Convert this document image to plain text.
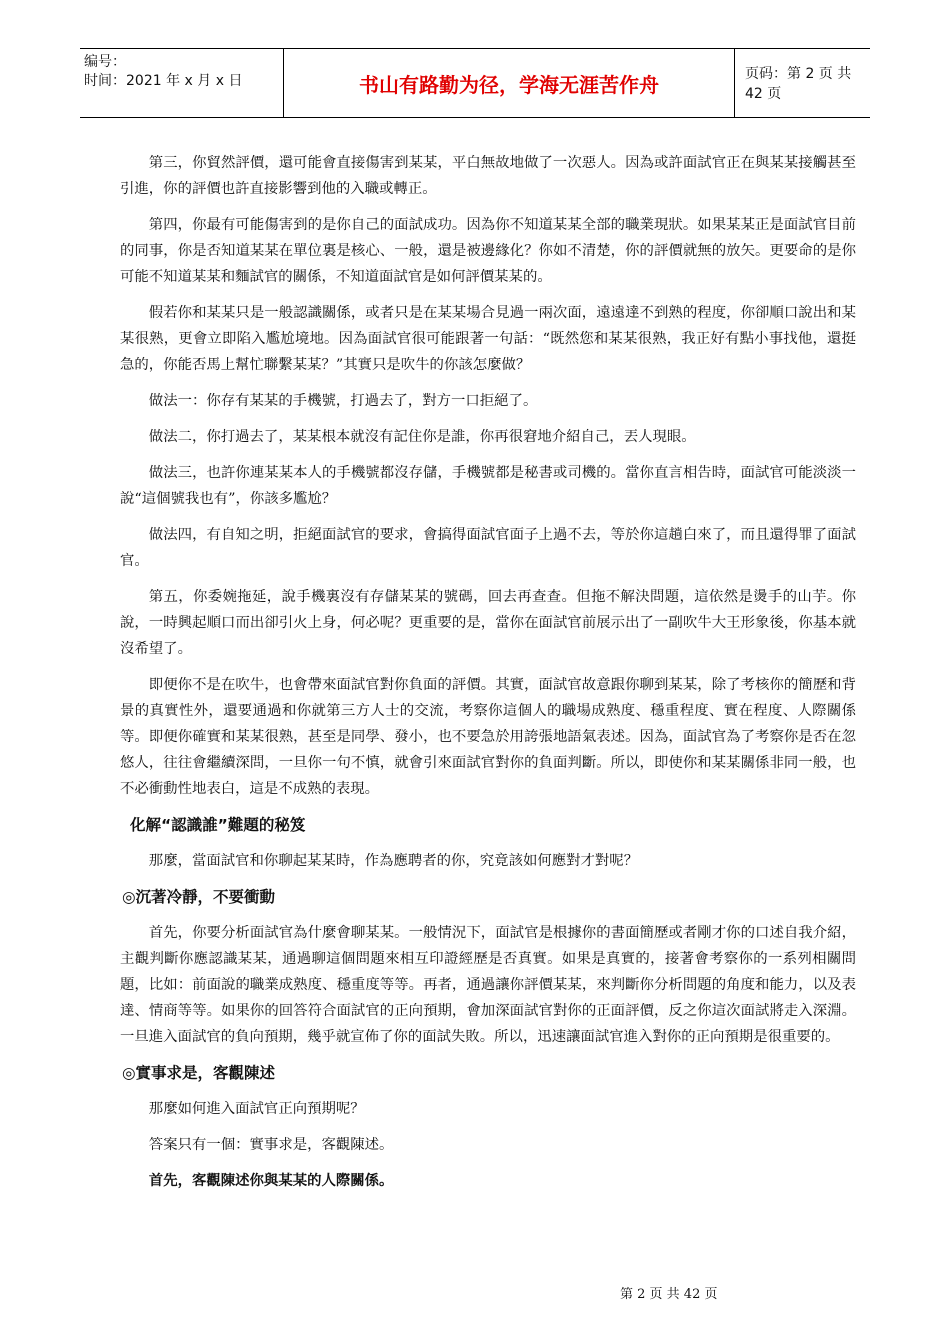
编号：
时间：2021 年 x 月 x 日	书山有路勤为径，学海无涯苦作舟	页码：第 2 页 共 42 页

第三，你貿然評價，還可能會直接傷害到某某，平白無故地做了一次惡人。因為或許面試官正在與某某接觸甚至引進，你的評價也許直接影響到他的入職或轉正。

第四，你最有可能傷害到的是你自己的面試成功。因為你不知道某某全部的職業現狀。如果某某正是面試官目前的同事，你是否知道某某在單位裏是核心、一般，還是被邊緣化？你如不清楚，你的評價就無的放矢。更要命的是你可能不知道某某和麵試官的關係，不知道面試官是如何評價某某的。

假若你和某某只是一般認識關係，或者只是在某某場合見過一兩次面，遠遠達不到熟的程度，你卻順口說出和某某很熟，更會立即陷入尷尬境地。因為面試官很可能跟著一句話：“既然您和某某很熟，我正好有點小事找他，還挺急的，你能否馬上幫忙聯繫某某？”其實只是吹牛的你該怎麼做？

做法一：你存有某某的手機號，打過去了，對方一口拒絕了。

做法二，你打過去了，某某根本就沒有記住你是誰，你再很窘地介紹自己，丟人現眼。

做法三，也許你連某某本人的手機號都沒存儲，手機號都是秘書或司機的。當你直言相告時，面試官可能淡淡一說“這個號我也有”，你該多尷尬？

做法四，有自知之明，拒絕面試官的要求，會搞得面試官面子上過不去，等於你這趟白來了，而且還得罪了面試官。

第五，你委婉拖延，說手機裏沒有存儲某某的號碼，回去再查查。但拖不解決問題，這依然是燙手的山芋。你說，一時興起順口而出卻引火上身，何必呢？更重要的是，當你在面試官前展示出了一副吹牛大王形象後，你基本就沒希望了。

即便你不是在吹牛，也會帶來面試官對你負面的評價。其實，面試官故意跟你聊到某某，除了考核你的簡歷和背景的真實性外，還要通過和你就第三方人士的交流，考察你這個人的職場成熟度、穩重程度、實在程度、人際關係等。即便你確實和某某很熟，甚至是同學、發小，也不要急於用誇張地語氣表述。因為，面試官為了考察你是否在忽悠人，往往會繼續深問，一旦你一句不慎，就會引來面試官對你的負面判斷。所以，即使你和某某關係非同一般，也不必衝動性地表白，這是不成熟的表現。

化解“認識誰”難題的秘笈

那麼，當面試官和你聊起某某時，作為應聘者的你，究竟該如何應對才對呢？

◎沉著冷靜，不要衝動

首先，你要分析面試官為什麼會聊某某。一般情況下，面試官是根據你的書面簡歷或者剛才你的口述自我介紹，主觀判斷你應認識某某，通過聊這個問題來相互印證經歷是否真實。如果是真實的，接著會考察你的一系列相關問題，比如：前面說的職業成熟度、穩重度等等。再者，通過讓你評價某某，來判斷你分析問題的角度和能力，以及表達、情商等等。如果你的回答符合面試官的正向預期，會加深面試官對你的正面評價，反之你這次面試將走入深淵。一旦進入面試官的負向預期，幾乎就宣佈了你的面試失敗。所以，迅速讓面試官進入對你的正向預期是很重要的。

◎實事求是，客觀陳述

那麼如何進入面試官正向預期呢？

答案只有一個：實事求是，客觀陳述。

首先，客觀陳述你與某某的人際關係。

第 2 页 共 42 页
